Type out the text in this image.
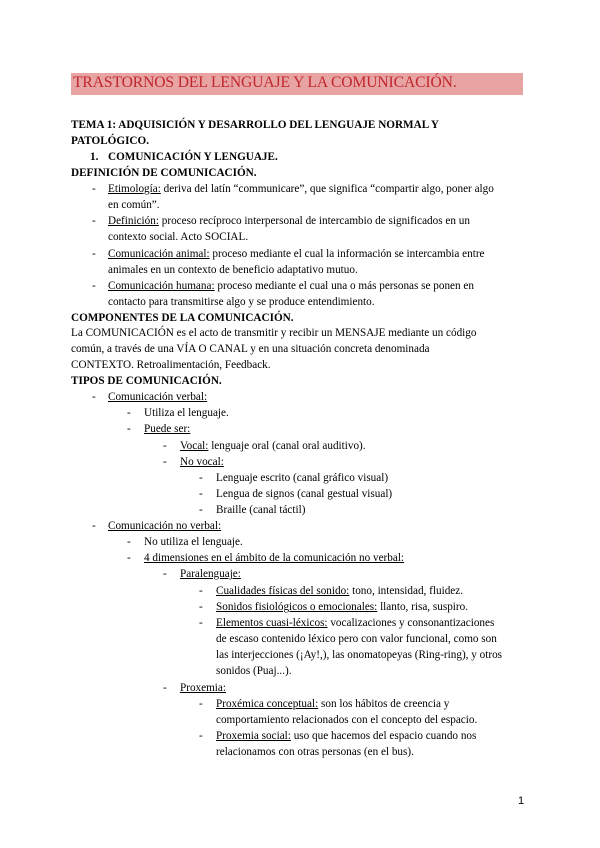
TRASTORNOS DEL LENGUAJE Y LA COMUNICACIÓN.
TEMA 1: ADQUISICIÓN Y DESARROLLO DEL LENGUAJE NORMAL Y
PATOLÓGICO.
1. COMUNICACIÓN Y LENGUAJE.
DEFINICIÓN DE COMUNICACIÓN.
- Etimología: deriva del latín “communicare”, que significa “compartir algo, poner algo
en común”.
- Definición: proceso recíproco interpersonal de intercambio de significados en un
contexto social. Acto SOCIAL.
- Comunicación animal: proceso mediante el cual la información se intercambia entre
animales en un contexto de beneficio adaptativo mutuo.
- Comunicación humana: proceso mediante el cual una o más personas se ponen en
contacto para transmitirse algo y se produce entendimiento.
COMPONENTES DE LA COMUNICACIÓN.
La COMUNICACIÓN es el acto de transmitir y recibir un MENSAJE mediante un código
común, a través de una VÍA O CANAL y en una situación concreta denominada
CONTEXTO. Retroalimentación, Feedback.
TIPOS DE COMUNICACIÓN.
- Comunicación verbal:
- Utiliza el lenguaje.
- Puede ser:
- Vocal: lenguaje oral (canal oral auditivo).
- No vocal:
- Lenguaje escrito (canal gráfico visual)
- Lengua de signos (canal gestual visual)
- Braille (canal táctil)
- Comunicación no verbal:
- No utiliza el lenguaje.
- 4 dimensiones en el ámbito de la comunicación no verbal:
- Paralenguaje:
- Cualidades físicas del sonido: tono, intensidad, fluidez.
- Sonidos fisiológicos o emocionales: llanto, risa, suspiro.
- Elementos cuasi-léxicos: vocalizaciones y consonantizaciones
de escaso contenido léxico pero con valor funcional, como son
las interjecciones (¡Ay!,), las onomatopeyas (Ring-ring), y otros
sonidos (Puaj...).
- Proxemia:
- Proxémica conceptual: son los hábitos de creencia y
comportamiento relacionados con el concepto del espacio.
- Proxemia social: uso que hacemos del espacio cuando nos
relacionamos con otras personas (en el bus).
1
